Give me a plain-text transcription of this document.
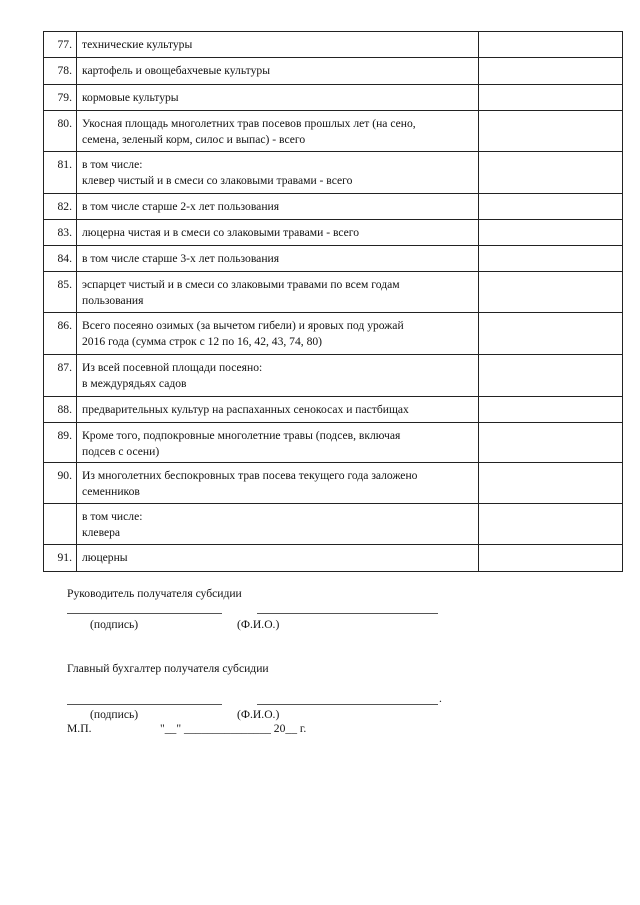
77.	технические культуры	

78.	картофель и овощебахчевые культуры	

79.	кормовые культуры	

80.	Укосная площадь многолетних трав посевов прошлых лет (на сено,
семена, зеленый корм, силос и выпас) - всего	

81.	в том числе:
клевер чистый и в смеси со злаковыми травами - всего	

82.	в том числе старше 2-х лет пользования	

83.	люцерна чистая и в смеси со злаковыми травами - всего	

84.	в том числе старше 3-х лет пользования	

85.	эспарцет чистый и в смеси со злаковыми травами по всем годам
пользования	

86.	Всего посеяно озимых (за вычетом гибели) и яровых под урожай
2016 года (сумма строк с 12 по 16, 42, 43, 74, 80)	

87.	Из всей посевной площади посеяно:
в междурядьях садов	

88.	предварительных культур на распаханных сенокосах и пастбищах	

89.	Кроме того, подпокровные многолетние травы (подсев, включая
подсев с осени)	

90.	Из многолетних беспокровных трав посева текущего года заложено
семенников	

	в том числе:
клевера	

91.	люцерны	

Руководитель получателя субсидии
(подпись)	(Ф.И.О.)
Главный бухгалтер получателя субсидии
.
(подпись)	(Ф.И.О.)
М.П.	"__" _______________ 20__ г.
